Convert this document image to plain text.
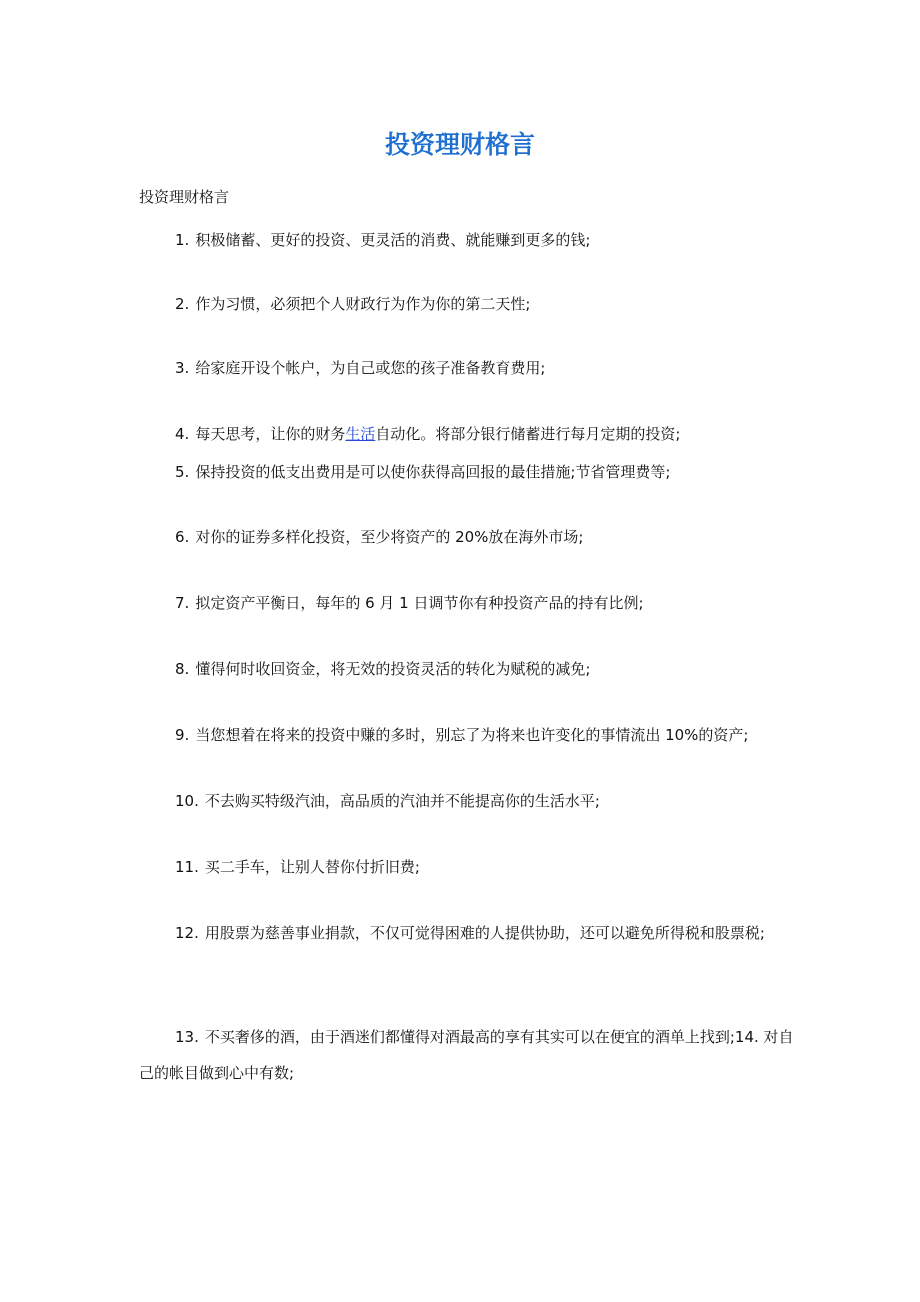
投资理财格言

投资理财格言

1. 积极储蓄、更好的投资、更灵活的消费、就能赚到更多的钱;

2. 作为习惯，必须把个人财政行为作为你的第二天性;

3. 给家庭开设个帐户，为自己或您的孩子准备教育费用;

4. 每天思考，让你的财务生活自动化。将部分银行储蓄进行每月定期的投资;

5. 保持投资的低支出费用是可以使你获得高回报的最佳措施;节省管理费等;

6. 对你的证券多样化投资，至少将资产的 20%放在海外市场;

7. 拟定资产平衡日，每年的 6 月 1 日调节你有种投资产品的持有比例;

8. 懂得何时收回资金，将无效的投资灵活的转化为赋税的减免;

9. 当您想着在将来的投资中赚的多时，别忘了为将来也许变化的事情流出 10%的资产;

10. 不去购买特级汽油，高品质的汽油并不能提高你的生活水平;

11. 买二手车，让别人替你付折旧费;

12. 用股票为慈善事业捐款，不仅可觉得困难的人提供协助，还可以避免所得税和股票税;

13. 不买奢侈的酒，由于酒迷们都懂得对酒最高的享有其实可以在便宜的酒单上找到;14. 对自己的帐目做到心中有数;
